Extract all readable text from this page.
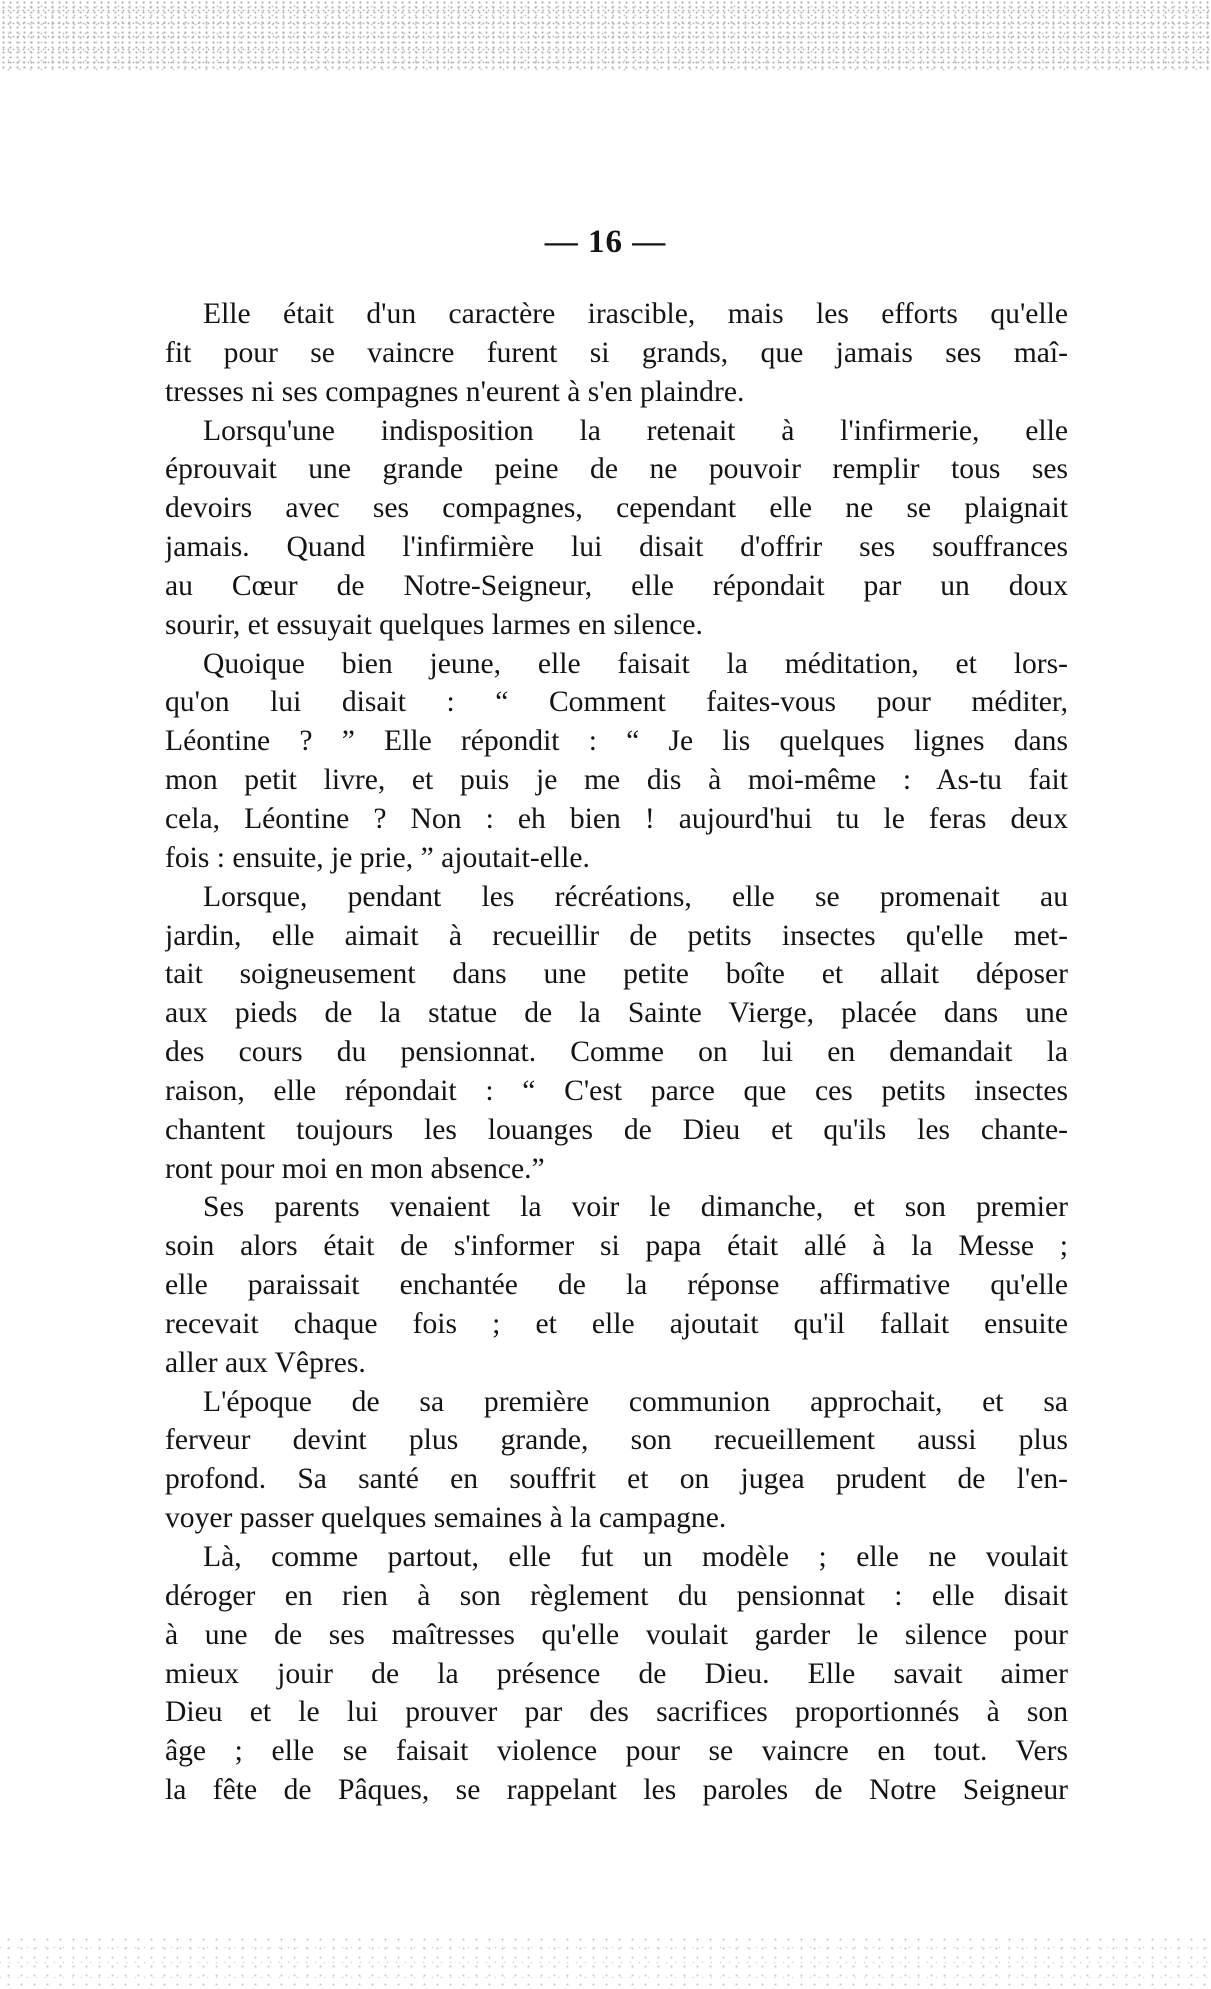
— 16 —
Elle était d'un caractère irascible, mais les efforts qu'elle
fit pour se vaincre furent si grands, que jamais ses maî-
tresses ni ses compagnes n'eurent à s'en plaindre.
Lorsqu'une indisposition la retenait à l'infirmerie, elle
éprouvait une grande peine de ne pouvoir remplir tous ses
devoirs avec ses compagnes, cependant elle ne se plaignait
jamais. Quand l'infirmière lui disait d'offrir ses souffrances
au Cœur de Notre-Seigneur, elle répondait par un doux
sourir, et essuyait quelques larmes en silence.
Quoique bien jeune, elle faisait la méditation, et lors-
qu'on lui disait : “ Comment faites-vous pour méditer,
Léontine ? ” Elle répondit : “ Je lis quelques lignes dans
mon petit livre, et puis je me dis à moi-même : As-tu fait
cela, Léontine ? Non : eh bien ! aujourd'hui tu le feras deux
fois : ensuite, je prie, ” ajoutait-elle.
Lorsque, pendant les récréations, elle se promenait au
jardin, elle aimait à recueillir de petits insectes qu'elle met-
tait soigneusement dans une petite boîte et allait déposer
aux pieds de la statue de la Sainte Vierge, placée dans une
des cours du pensionnat. Comme on lui en demandait la
raison, elle répondait : “ C'est parce que ces petits insectes
chantent toujours les louanges de Dieu et qu'ils les chante-
ront pour moi en mon absence.”
Ses parents venaient la voir le dimanche, et son premier
soin alors était de s'informer si papa était allé à la Messe ;
elle paraissait enchantée de la réponse affirmative qu'elle
recevait chaque fois ; et elle ajoutait qu'il fallait ensuite
aller aux Vêpres.
L'époque de sa première communion approchait, et sa
ferveur devint plus grande, son recueillement aussi plus
profond. Sa santé en souffrit et on jugea prudent de l'en-
voyer passer quelques semaines à la campagne.
Là, comme partout, elle fut un modèle ; elle ne voulait
déroger en rien à son règlement du pensionnat : elle disait
à une de ses maîtresses qu'elle voulait garder le silence pour
mieux jouir de la présence de Dieu. Elle savait aimer
Dieu et le lui prouver par des sacrifices proportionnés à son
âge ; elle se faisait violence pour se vaincre en tout. Vers
la fête de Pâques, se rappelant les paroles de Notre Seigneur
